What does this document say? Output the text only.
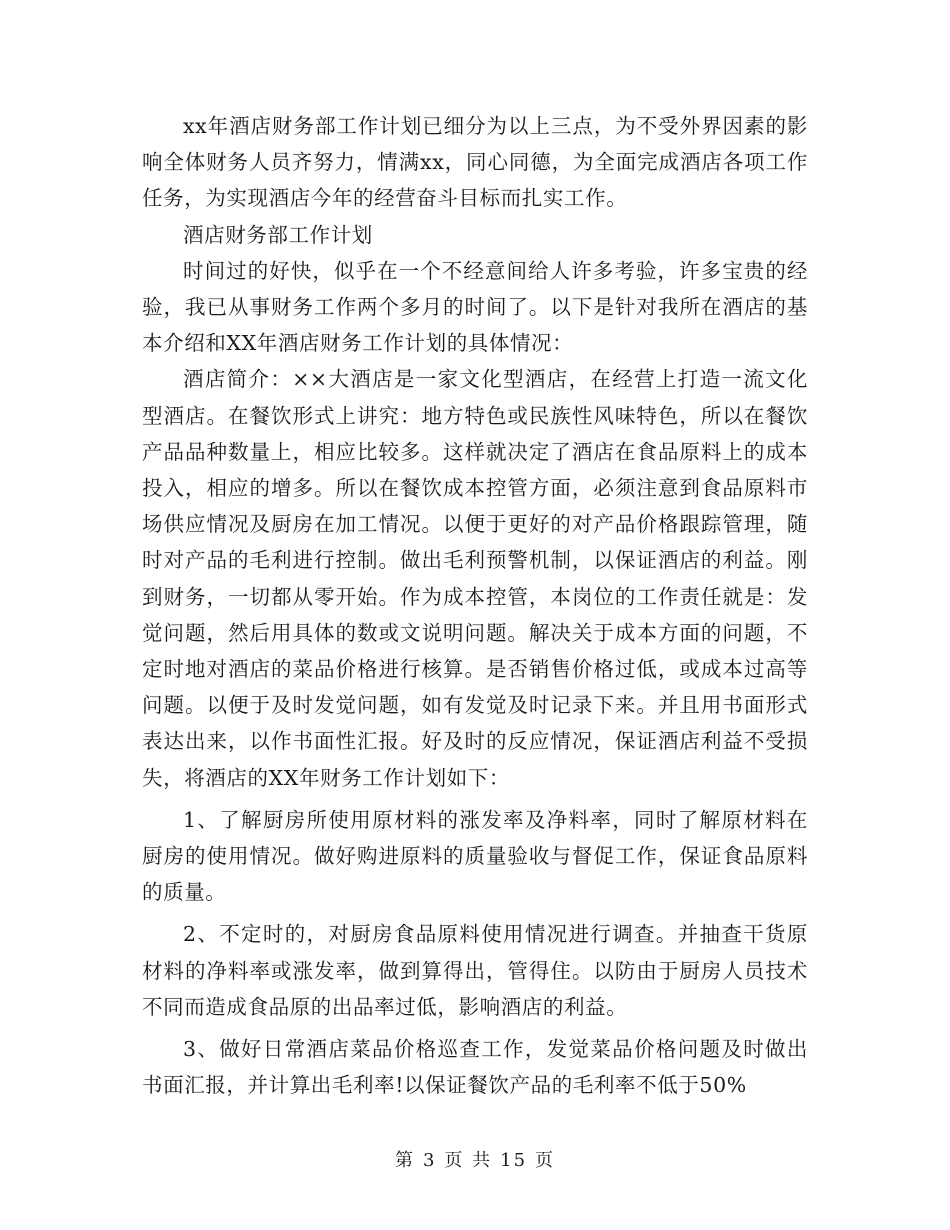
xx年酒店财务部工作计划已细分为以上三点，为不受外界因素的影响全体财务人员齐努力，情满xx，同心同德，为全面完成酒店各项工作任务，为实现酒店今年的经营奋斗目标而扎实工作。

酒店财务部工作计划

时间过的好快，似乎在一个不经意间给人许多考验，许多宝贵的经验，我已从事财务工作两个多月的时间了。以下是针对我所在酒店的基本介绍和XX年酒店财务工作计划的具体情况：

酒店简介：××大酒店是一家文化型酒店，在经营上打造一流文化型酒店。在餐饮形式上讲究：地方特色或民族性风味特色，所以在餐饮产品品种数量上，相应比较多。这样就决定了酒店在食品原料上的成本投入，相应的增多。所以在餐饮成本控管方面，必须注意到食品原料市场供应情况及厨房在加工情况。以便于更好的对产品价格跟踪管理，随时对产品的毛利进行控制。做出毛利预警机制，以保证酒店的利益。刚到财务，一切都从零开始。作为成本控管，本岗位的工作责任就是：发觉问题，然后用具体的数或文说明问题。解决关于成本方面的问题，不定时地对酒店的菜品价格进行核算。是否销售价格过低，或成本过高等问题。以便于及时发觉问题，如有发觉及时记录下来。并且用书面形式表达出来，以作书面性汇报。好及时的反应情况，保证酒店利益不受损失，将酒店的XX年财务工作计划如下：

1、了解厨房所使用原材料的涨发率及净料率，同时了解原材料在厨房的使用情况。做好购进原料的质量验收与督促工作，保证食品原料的质量。

2、不定时的，对厨房食品原料使用情况进行调查。并抽查干货原材料的净料率或涨发率，做到算得出，管得住。以防由于厨房人员技术不同而造成食品原的出品率过低，影响酒店的利益。

3、做好日常酒店菜品价格巡查工作，发觉菜品价格问题及时做出书面汇报，并计算出毛利率!以保证餐饮产品的毛利率不低于50%

第 3 页 共 15 页
